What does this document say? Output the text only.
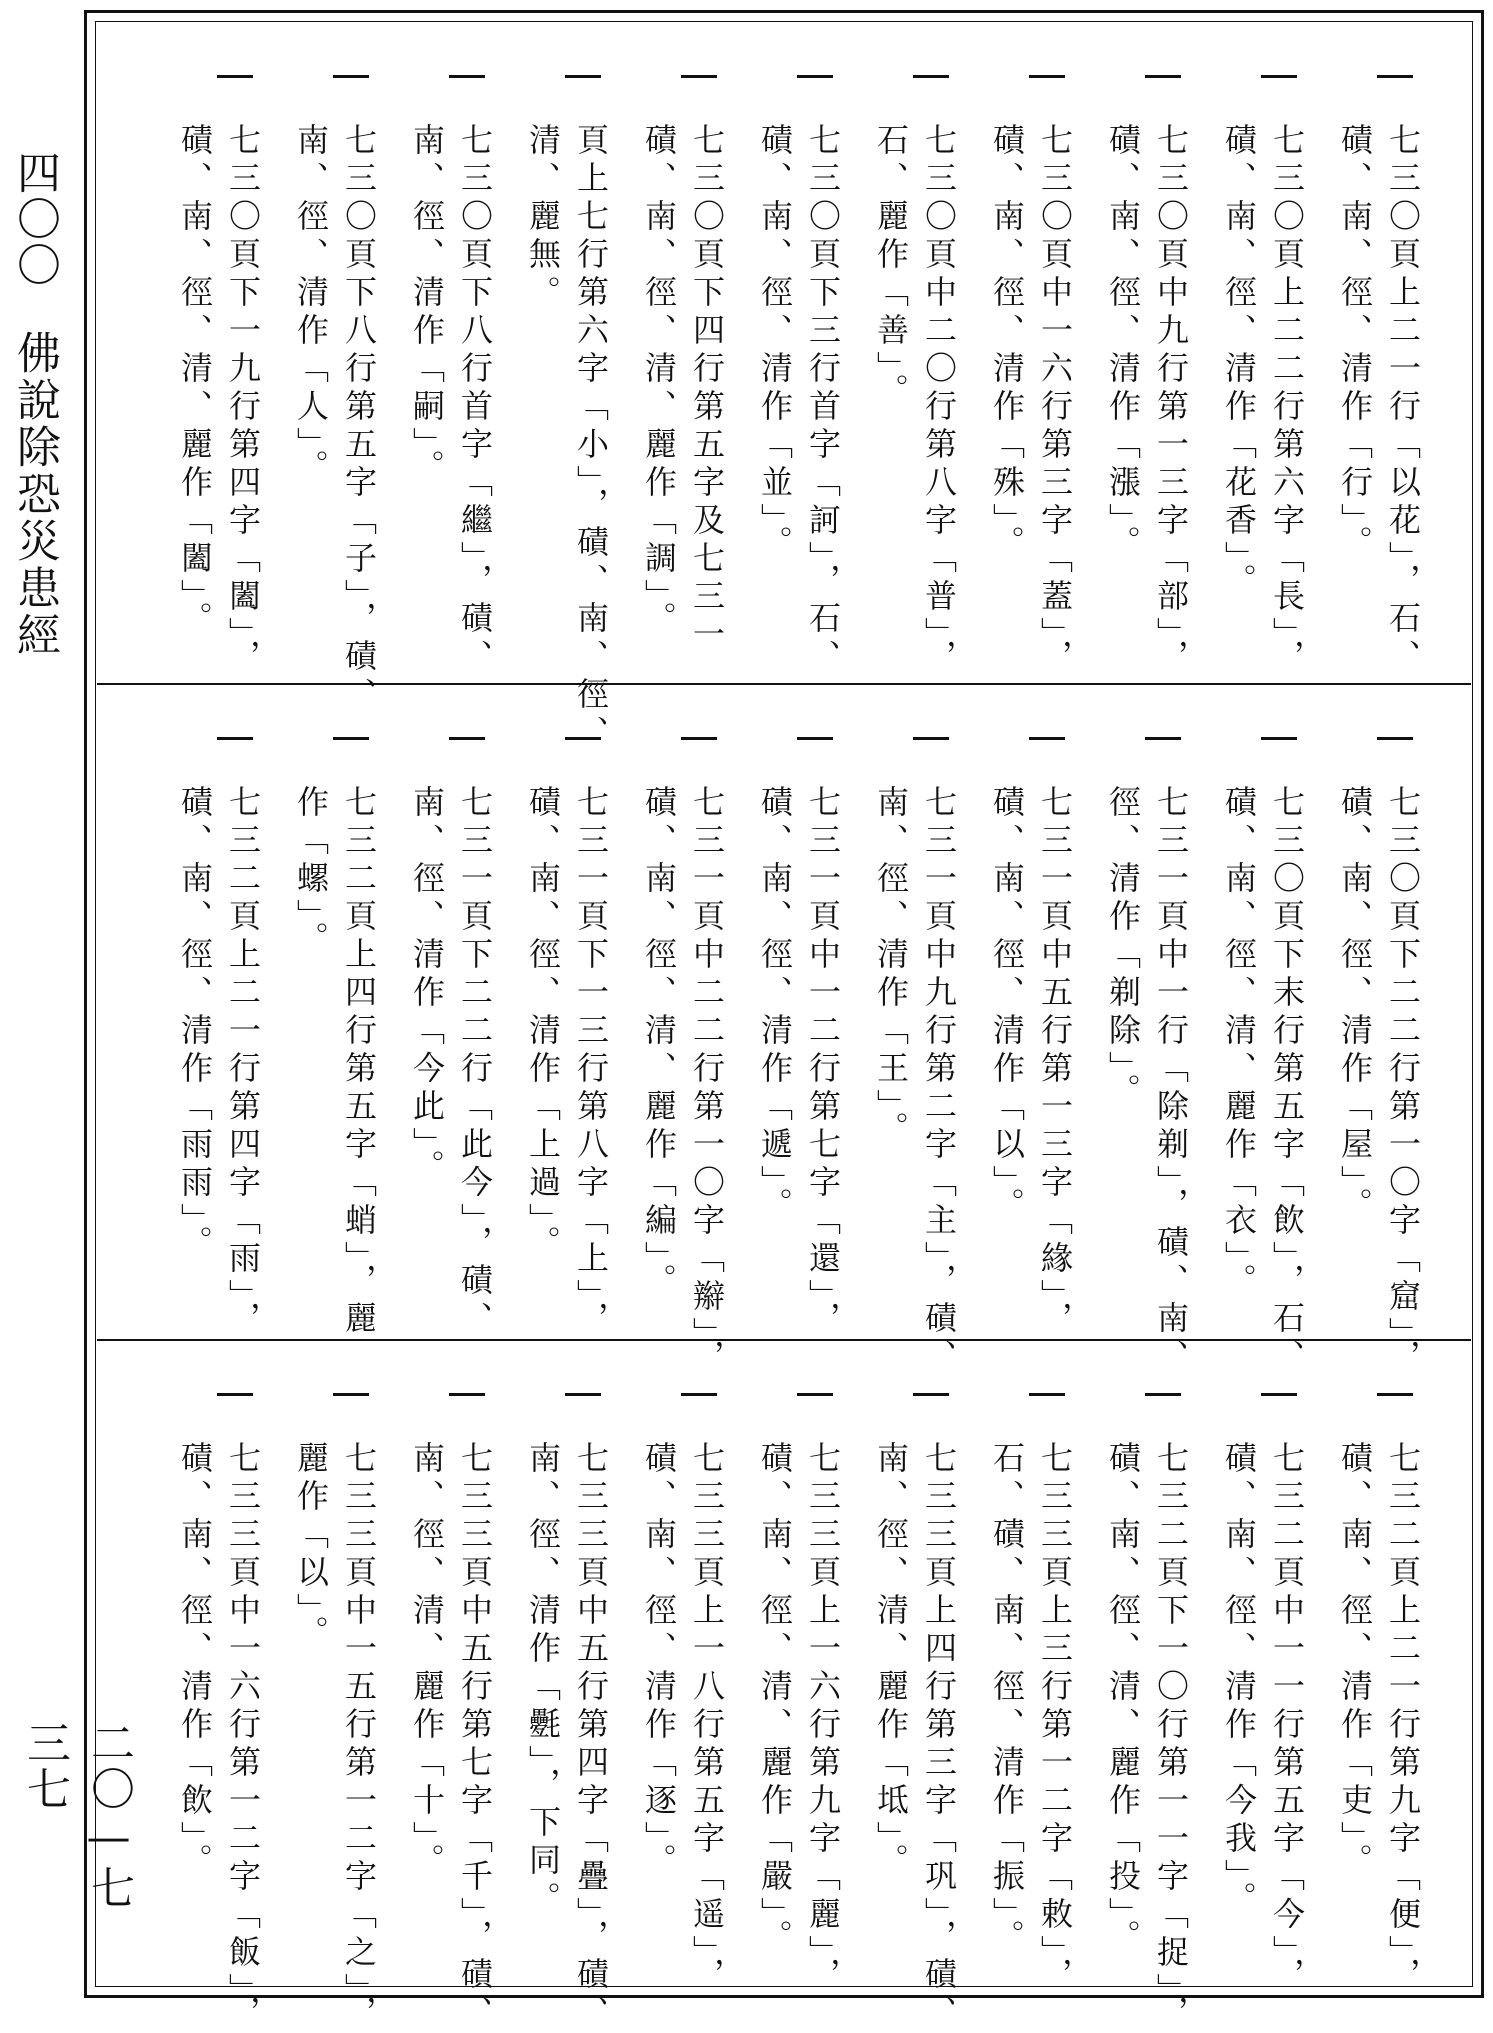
四〇〇
佛說除恐災患經
二〇—七三七
七三〇頁上二一行「以花」，石、
磧、南、徑、清作「行」。
七三〇頁上二二行第六字「長」，
磧、南、徑、清作「花香」。
七三〇頁中九行第一三字「部」，
磧、南、徑、清作「漲」。
七三〇頁中一六行第三字「蓋」，
磧、南、徑、清作「殊」。
七三〇頁中二〇行第八字「普」，
石、麗作「善」。
七三〇頁下三行首字「訶」，石、
磧、南、徑、清作「並」。
七三〇頁下四行第五字及七三一
磧、南、徑、清、麗作「調」。
頁上七行第六字「小」，磧、南、徑、
清、麗無。
七三〇頁下八行首字「繼」，磧、
南、徑、清作「嗣」。
七三〇頁下八行第五字「子」，磧、
南、徑、清作「人」。
七三〇頁下一九行第四字「闔」，
磧、南、徑、清、麗作「闔」。
七三〇頁下二二行第一〇字「窟」，
磧、南、徑、清作「屋」。
七三〇頁下末行第五字「飲」，石、
磧、南、徑、清、麗作「衣」。
七三一頁中一行「除剃」，磧、南、
徑、清作「剃除」。
七三一頁中五行第一三字「緣」，
磧、南、徑、清作「以」。
七三一頁中九行第二字「主」，磧、
南、徑、清作「王」。
七三一頁中一二行第七字「還」，
磧、南、徑、清作「遞」。
七三一頁中二二行第一〇字「辮」，
磧、南、徑、清、麗作「編」。
七三一頁下一三行第八字「上」，
磧、南、徑、清作「上過」。
七三一頁下二二行「此今」，磧、
南、徑、清作「今此」。
七三二頁上四行第五字「蛸」，麗
作「螺」。
七三二頁上二一行第四字「雨」，
磧、南、徑、清作「雨雨」。
七三二頁上二一行第九字「便」，
磧、南、徑、清作「吏」。
七三二頁中一一行第五字「今」，
磧、南、徑、清作「今我」。
七三二頁下一〇行第一一字「捉」，
磧、南、徑、清、麗作「投」。
七三三頁上三行第一二字「敕」，
石、磧、南、徑、清作「振」。
七三三頁上四行第三字「巩」，磧、
南、徑、清、麗作「坻」。
七三三頁上一六行第九字「麗」，
磧、南、徑、清、麗作「嚴」。
七三三頁上一八行第五字「遥」，
磧、南、徑、清作「逐」。
七三三頁中五行第四字「疊」，磧、
南、徑、清作「氎」，下同。
七三三頁中五行第七字「千」，磧、
南、徑、清、麗作「十」。
七三三頁中一五行第一二字「之」，
麗作「以」。
七三三頁中一六行第一二字「飯」，
磧、南、徑、清作「飲」。
